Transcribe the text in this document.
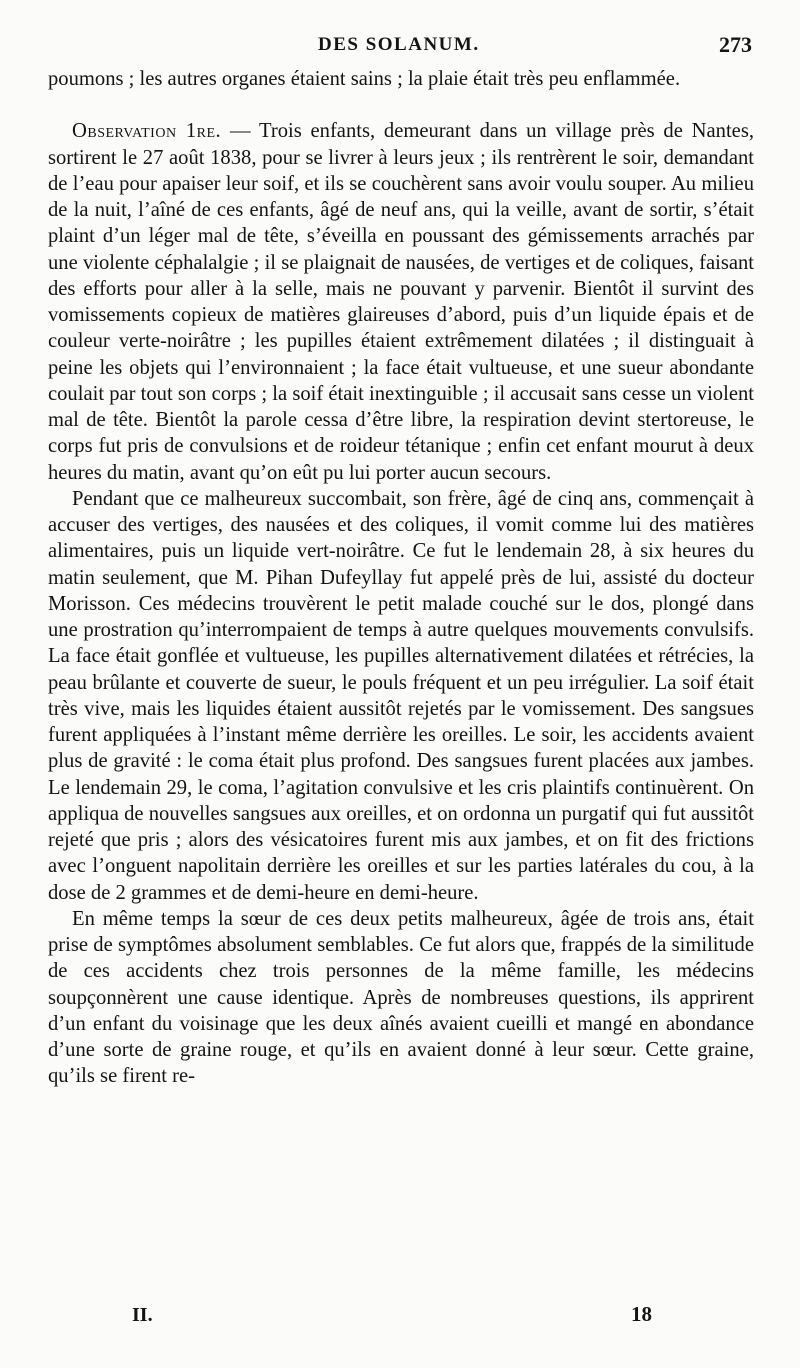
DES SOLANUM.	273

poumons ; les autres organes étaient sains ; la plaie était très peu enflammée.

Observation 1re. — Trois enfants, demeurant dans un village près de Nantes, sortirent le 27 août 1838, pour se livrer à leurs jeux ; ils rentrèrent le soir, demandant de l’eau pour apaiser leur soif, et ils se couchèrent sans avoir voulu souper. Au milieu de la nuit, l’aîné de ces enfants, âgé de neuf ans, qui la veille, avant de sortir, s’était plaint d’un léger mal de tête, s’éveilla en poussant des gémissements arrachés par une violente céphalalgie ; il se plaignait de nausées, de vertiges et de coliques, faisant des efforts pour aller à la selle, mais ne pouvant y parvenir. Bientôt il survint des vomissements copieux de matières glaireuses d’abord, puis d’un liquide épais et de couleur verte-noirâtre ; les pupilles étaient extrêmement dilatées ; il distinguait à peine les objets qui l’environnaient ; la face était vultueuse, et une sueur abondante coulait par tout son corps ; la soif était inextinguible ; il accusait sans cesse un violent mal de tête. Bientôt la parole cessa d’être libre, la respiration devint stertoreuse, le corps fut pris de convulsions et de roideur tétanique ; enfin cet enfant mourut à deux heures du matin, avant qu’on eût pu lui porter aucun secours.

Pendant que ce malheureux succombait, son frère, âgé de cinq ans, commençait à accuser des vertiges, des nausées et des coliques, il vomit comme lui des matières alimentaires, puis un liquide vert-noirâtre. Ce fut le lendemain 28, à six heures du matin seulement, que M. Pihan Dufeyllay fut appelé près de lui, assisté du docteur Morisson. Ces médecins trouvèrent le petit malade couché sur le dos, plongé dans une prostration qu’interrompaient de temps à autre quelques mouvements convulsifs. La face était gonflée et vultueuse, les pupilles alternativement dilatées et rétrécies, la peau brûlante et couverte de sueur, le pouls fréquent et un peu irrégulier. La soif était très vive, mais les liquides étaient aussitôt rejetés par le vomissement. Des sangsues furent appliquées à l’instant même derrière les oreilles. Le soir, les accidents avaient plus de gravité : le coma était plus profond. Des sangsues furent placées aux jambes. Le lendemain 29, le coma, l’agitation convulsive et les cris plaintifs continuèrent. On appliqua de nouvelles sangsues aux oreilles, et on ordonna un purgatif qui fut aussitôt rejeté que pris ; alors des vésicatoires furent mis aux jambes, et on fit des frictions avec l’onguent napolitain derrière les oreilles et sur les parties latérales du cou, à la dose de 2 grammes et de demi-heure en demi-heure.

En même temps la sœur de ces deux petits malheureux, âgée de trois ans, était prise de symptômes absolument semblables. Ce fut alors que, frappés de la similitude de ces accidents chez trois personnes de la même famille, les médecins soupçonnèrent une cause identique. Après de nombreuses questions, ils apprirent d’un enfant du voisinage que les deux aînés avaient cueilli et mangé en abondance d’une sorte de graine rouge, et qu’ils en avaient donné à leur sœur. Cette graine, qu’ils se firent re-

II.	18
